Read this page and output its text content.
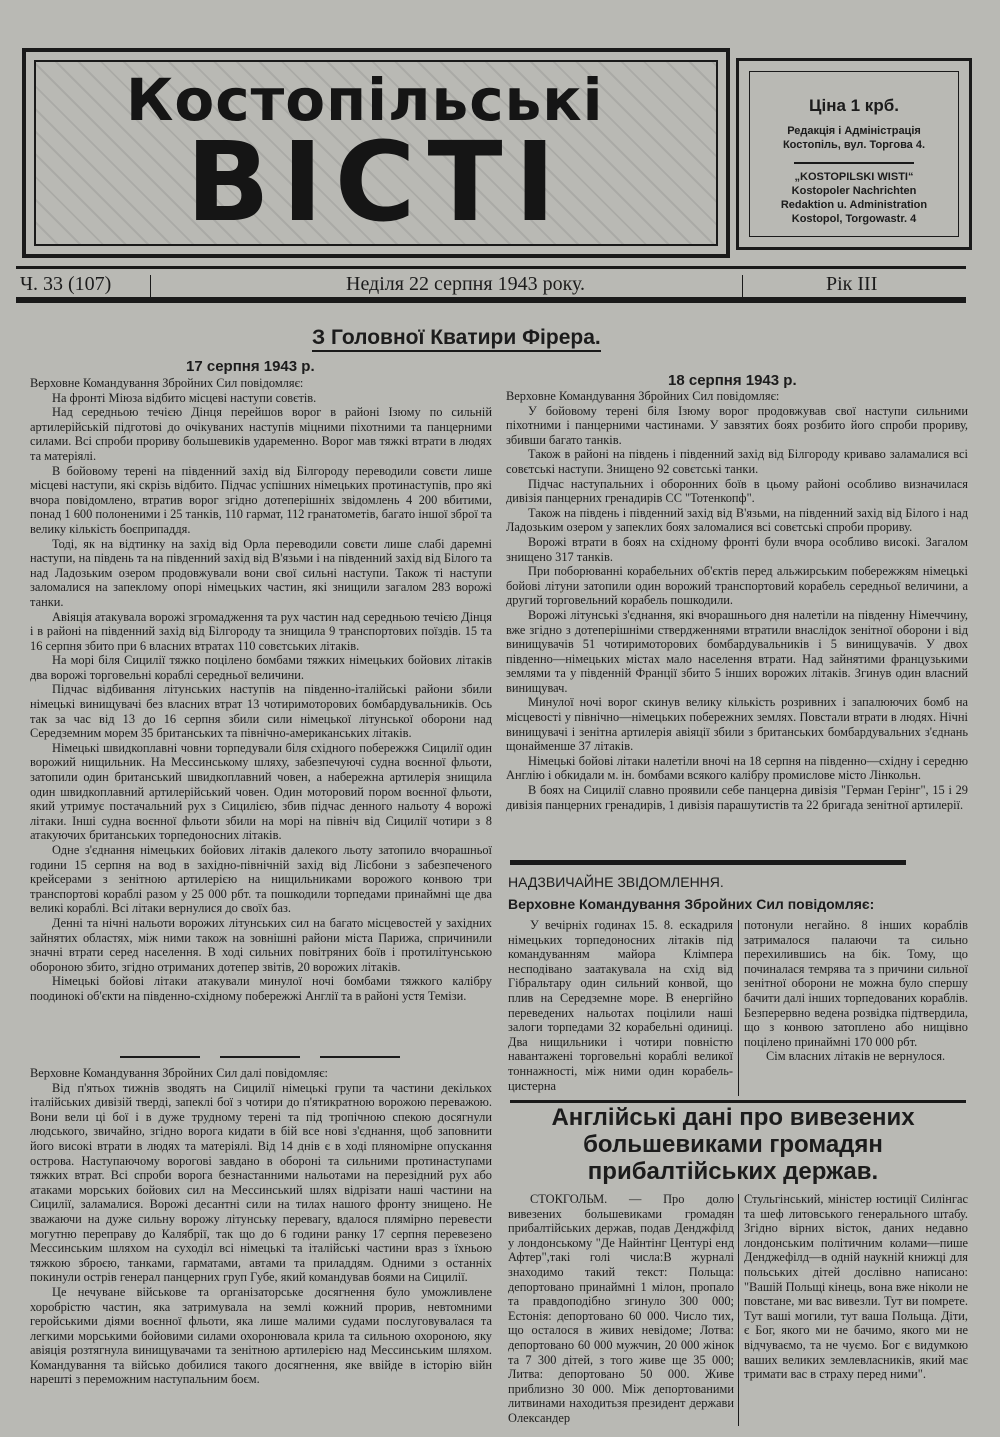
Костопільські
ВІСТІ
Ціна 1 крб.
Редакція і Адміністрація
Костопіль, вул. Торгова 4.
„KOSTOPILSKI WISTI“
Kostopoler Nachrichten
Redaktion u. Administration
Kostopol, Torgowastr. 4
Ч. 33 (107)	Неділя 22 серпня 1943 року.	Рік III
З Головної Кватири Фірера.
17 серпня 1943 р.

Верховне Командування Збройних Сил повідомляє:

На фронті Міюза відбито місцеві наступи совєтів.

Над середньою течією Дінця перейшов ворог в районі Ізюму по сильній артилерійській підготові до очікуваних наступів міцними піхотними та панцерними силами. Всі спроби прориву большевиків удаременно. Ворог мав тяжкі втрати в людях та матеріялі.

В бойовому терені на південний захід від Білгороду переводили совєти лише місцеві наступи, які скрізь відбито. Підчас успішних німецьких протинаступів, про які вчора повідомлено, втратив ворог згідно дотеперішніх звідомлень 4 200 вбитими, понад 1 600 полоненими і 25 танків, 110 гармат, 112 гранатометів, багато іншої зброї та велику кількість боєприпаддя.

Тоді, як на відтинку на захід від Орла переводили совєти лише слабі даремні наступи, на південь та на південний захід від В'язьми і на південний захід від Білого та над Ладозьким озером продовжували вони свої сильні наступи. Також ті наступи заломалися на запеклому опорі німецьких частин, які знищили загалом 283 ворожі танки.

Авіяція атакувала ворожі згромадження та рух частин над середньою течією Дінця і в районі на південний захід від Білгороду та знищила 9 транспортових поїздів. 15 та 16 серпня збито при 6 власних втратах 110 совєтських літаків.

На морі біля Сицилії тяжко поцілено бомбами тяжких німецьких бойових літаків два ворожі торговельні кораблі середньої величини.

Підчас відбивання літунських наступів на південно-італійські райони збили німецькі винищувачі без власних втрат 13 чотиримоторових бомбардувальників. Ось так за час від 13 до 16 серпня збили сили німецької літунської оборони над Середземним морем 35 британських та північно-американських літаків.

Німецькі швидкоплавні човни торпедували біля східного побережжя Сицилії один ворожий нищильник. На Мессинському шляху, забезпечуючі судна воєнної фльоти, затопили один британський швидкоплавний човен, а набережна артилерія знищила один швидкоплавний артилерійський човен. Один моторовий пором воєнної фльоти, який утримує постачальний рух з Сицилією, збив підчас денного нальоту 4 ворожі літаки. Інші судна воєнної фльоти збили на морі на північ від Сицилії чотири з 8 атакуючих британських торпедоносних літаків.

Одне з'єднання німецьких бойових літаків далекого льоту затопило вчорашньої години 15 серпня на вод в західно-північній захід від Лісбони з забезпеченого крейсерами з зенітною артилерією на нищильниками ворожого конвою три транспортові кораблі разом у 25 000 рбт. та пошкодили торпедами принаймні ще два великі кораблі. Всі літаки вернулися до своїх баз.

Денні та нічні нальоти ворожих літунських сил на багато місцевостей у західних зайнятих областях, між ними також на зовнішні райони міста Парижа, спричинили значні втрати серед населення. В ході сильних повітряних боїв і протилітунською обороною збито, згідно отриманих дотепер звітів, 20 ворожих літаків.

Німецькі бойові літаки атакували минулої ночі бомбами тяжкого калібру поодинокі об'єкти на південно-східному побережжі Англії та в районі устя Темізи.

Верховне Командування Збройних Сил далі повідомляє:

Від п'ятьох тижнів зводять на Сицилії німецькі групи та частини декількох італійських дивізій тверді, запеклі бої з чотири до п'ятикратною ворожою переважою. Вони вели ці бої і в дуже трудному терені та під тропічною спекою досягнули людського, звичайно, згідно ворога кидати в бій все нові з'єднання, щоб заповнити його високі втрати в людях та матеріялі. Від 14 днів є в ході пляномірне опускання острова. Наступаючому ворогові завдано в обороні та сильними протинаступами тяжких втрат. Всі спроби ворога безнастанними нальотами на перезідний рух або атаками морських бойових сил на Мессинський шлях відрізати наші частини на Сицилії, заламалися. Ворожі десантні сили на тилах нашого фронту знищено. Не зважаючи на дуже сильну ворожу літунську перевагу, вдалося плямірно перевести могутню переправу до Калябрії, так що до 6 години ранку 17 серпня перевезено Мессинським шляхом на суходіл всі німецькі та італійські частини враз з їхньою тяжкою зброєю, танками, гарматами, автами та приладдям. Одними з останніх покинули острів генерал панцерних груп Губе, який командував боями на Сицилії.

Це нечуване військове та організаторське досягнення було уможливлене хоробрістю частин, яка затримувала на землі кожний прорив, невтомними геройськими діями воєнної фльоти, яка лише малими судами послуговувалася та легкими морськими бойовими силами охоронювала крила та сильною охороною, яку авіяція розтягнула винищувачами та зенітною артилерією над Мессинським шляхом. Командування та військо добилися такого досягнення, яке ввійде в історію війн нарешті з переможним наступальним боєм.

18 серпня 1943 р.

Верховне Командування Збройних Сил повідомляє:

У бойовому терені біля Ізюму ворог продовжував свої наступи сильними піхотними і панцерними частинами. У завзятих боях розбито його спроби прориву, збивши багато танків.

Також в районі на південь і південний захід від Білгороду криваво заламалися всі совєтські наступи. Знищено 92 совєтські танки.

Підчас наступальних і оборонних боїв в цьому районі особливо визначилася дивізія панцерних гренадирів СС "Тотенкопф".

Також на південь і південний захід від В'язьми, на південний захід від Білого і над Ладозьким озером у запеклих боях заломалися всі совєтські спроби прориву.

Ворожі втрати в боях на східному фронті були вчора особливо високі. Загалом знищено 317 танків.

При поборюванні корабельних об'єктів перед альжирським побережжям німецькі бойові літуни затопили один ворожий транспортовий корабель середньої величини, а другий торговельний корабель пошкодили.

Ворожі літунські з'єднання, які вчорашнього дня налетіли на південну Німеччину, вже згідно з дотеперішніми ствердженнями втратили внаслідок зенітної оборони і від винищувачів 51 чотиримоторових бомбардувальників і 5 винищувачів. У двох південно—німецьких містах мало населення втрати. Над зайнятими французькими землями та у південній Франції збито 5 інших ворожих літаків. Згинув один власний винищувач.

Минулої ночі ворог скинув велику кількість розривних і запалюючих бомб на місцевості у північно—німецьких побережних землях. Повстали втрати в людях. Нічні винищувачі і зенітна артилерія авіяції збили з британських бомбардувальних з'єднань щонайменше 37 літаків.

Німецькі бойові літаки налетіли вночі на 18 серпня на південно—східну і середню Англію і обкидали м. ін. бомбами всякого калібру промислове місто Лінкольн.

В боях на Сицилії славно проявили себе панцерна дивізія "Герман Герінг", 15 і 29 дивізія панцерних гренадирів, 1 дивізія парашутистів та 22 бригада зенітної артилерії.

НАДЗВИЧАЙНЕ ЗВІДОМЛЕННЯ.
Верховне Командування Збройних Сил повідомляє:

У вечірніх годинах 15. 8. ескадриля німецьких торпедоносних літаків під командуванням майора Клімпера несподівано заатакувала на схід від Гібральтару один сильний конвой, що плив на Середземне море. В енергійно переведених нальотах поцілили наші залоги торпедами 32 корабельні одиниці. Два нищильники і чотири повністю навантажені торговельні кораблі великої тоннажності, між ними один корабель-цистерна

потонули негайно. 8 інших кораблів затрималося палаючи та сильно перехилившись на бік. Тому, що починалася темрява та з причини сильної зенітної оборони не можна було спершу бачити далі інших торпедованих кораблів. Безперервно ведена розвідка підтвердила, що з конвою затоплено або нищівно поцілено принаймні 170 000 рбт.

Сім власних літаків не вернулося.

Англійські дані про вивезених большевиками громадян прибалтійських держав.

СТОКГОЛЬМ. — Про долю вивезених большевиками громадян прибалтійських держав, подав Денджфілд у лондонському "Де Найнтінг Центурі енд Афтер",такі голі числа:В журналі знаходимо такий текст: Польща: депортовано принаймні 1 мілон, пропало та правдоподібно згинуло 300 000; Естонія: депортовано 60 000. Число тих, що осталося в живих невідоме; Лотва: депортовано 60 000 мужчин, 20 000 жінок та 7 300 дітей, з того живе ще 35 000; Литва: депортовано 50 000. Живе приблизно 30 000. Між депортованими литвинами находитьзя президент держави Олександер

Стульгінський, міністер юстиції Силінгас та шеф литовського генерального штабу. Згідно вірних вісток, даних недавно лондонським політичним колами—пише Денджефілд—в одній наукній книжці для польських дітей дослівно написано: "Вашій Польщі кінець, вона вже ніколи не повстане, ми вас вивезли. Тут ви помрете. Тут ваші могили, тут ваша Польща. Діти, є Бог, якого ми не бачимо, якого ми не відчуваємо, та не чуємо. Бог є видумкою ваших великих землевласників, який має тримати вас в страху перед ними".
